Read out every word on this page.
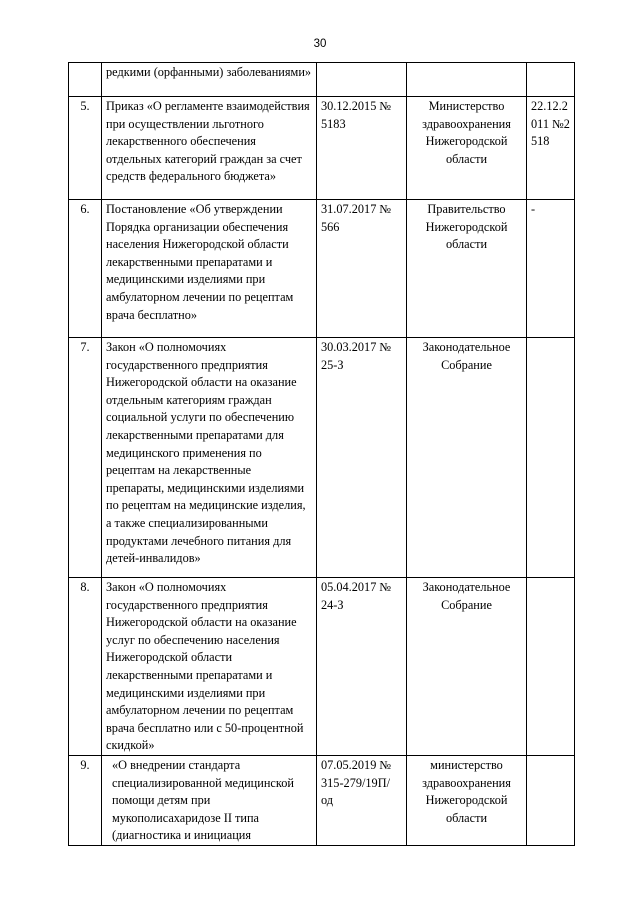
30
	редкими (орфанными) заболеваниями»			
5.	Приказ «О регламенте взаимодействия при осуществлении льготного лекарственного обеспечения отдельных категорий граждан за счет средств федерального бюджета»	30.12.2015 № 5183	Министерство здравоохранения Нижегородской области	22.12.2011 №2518
6.	Постановление «Об утверждении Порядка организации обеспечения населения Нижегородской области лекарственными препаратами и медицинскими изделиями при амбулаторном лечении по рецептам врача бесплатно»	31.07.2017 № 566	Правительство Нижегородской области	-
7.	Закон «О полномочиях государственного предприятия Нижегородской области на оказание отдельным категориям граждан социальной услуги по обеспечению лекарственными препаратами для медицинского применения по рецептам на лекарственные препараты, медицинскими изделиями по рецептам на медицинские изделия, а также специализированными продуктами лечебного питания для детей-инвалидов»	30.03.2017 № 25-З	Законодательное Собрание	
8.	Закон «О полномочиях государственного предприятия Нижегородской области на оказание услуг по обеспечению населения Нижегородской области лекарственными препаратами и медицинскими изделиями при амбулаторном лечении по рецептам врача бесплатно или с 50-процентной скидкой»	05.04.2017 № 24-З	Законодательное Собрание	
9.	«О внедрении стандарта специализированной медицинской помощи детям при мукополисахаридозе II типа (диагностика и инициация	07.05.2019 № 315-279/19П/од	министерство здравоохранения Нижегородской области	
